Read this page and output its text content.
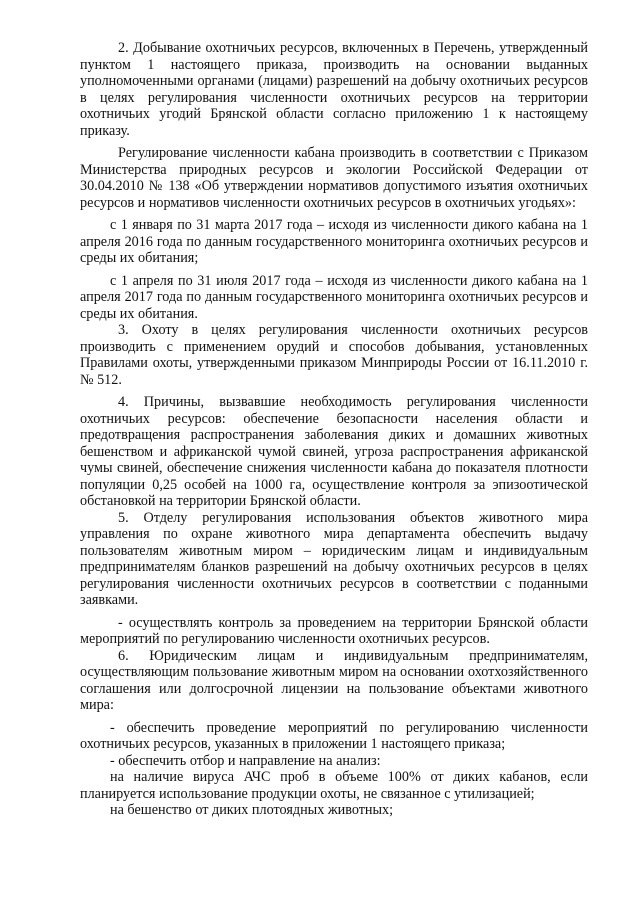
2. Добывание охотничьих ресурсов, включенных в Перечень, утвержденный пунктом 1 настоящего приказа, производить на основании выданных уполномоченными органами (лицами) разрешений на добычу охотничьих ресурсов в целях регулирования численности охотничьих ресурсов на территории охотничьих угодий Брянской области согласно приложению 1 к настоящему приказу.

Регулирование численности кабана производить в соответствии с Приказом Министерства природных ресурсов и экологии Российской Федерации от 30.04.2010 № 138 «Об утверждении нормативов допустимого изъятия охотничьих ресурсов и нормативов численности охотничьих ресурсов в охотничьих угодьях»:

с 1 января по 31 марта 2017 года – исходя из численности дикого кабана на 1 апреля 2016 года по данным государственного мониторинга охотничьих ресурсов и среды их обитания;

с 1 апреля по 31 июля 2017 года – исходя из численности дикого кабана на 1 апреля 2017 года по данным государственного мониторинга охотничьих ресурсов и среды их обитания.

3. Охоту в целях регулирования численности охотничьих ресурсов производить с применением орудий и способов добывания, установленных Правилами охоты, утвержденными приказом Минприроды России от 16.11.2010 г. № 512.

4. Причины, вызвавшие необходимость регулирования численности охотничьих ресурсов: обеспечение безопасности населения области и предотвращения распространения заболевания диких и домашних животных бешенством и африканской чумой свиней, угроза распространения африканской чумы свиней, обеспечение снижения численности кабана до показателя плотности популяции 0,25 особей на 1000 га, осуществление контроля за эпизоотической обстановкой на территории Брянской области.

5. Отделу регулирования использования объектов животного мира управления по охране животного мира департамента обеспечить выдачу пользователям животным миром – юридическим лицам и индивидуальным предпринимателям бланков разрешений на добычу охотничьих ресурсов в целях регулирования численности охотничьих ресурсов в соответствии с поданными заявками.

- осуществлять контроль за проведением на территории Брянской области мероприятий по регулированию численности охотничьих ресурсов.

6. Юридическим лицам и индивидуальным предпринимателям, осуществляющим пользование животным миром на основании охотхозяйственного соглашения или долгосрочной лицензии на пользование объектами животного мира:

- обеспечить проведение мероприятий по регулированию численности охотничьих ресурсов, указанных в приложении 1 настоящего приказа;

- обеспечить отбор и направление на анализ:

на наличие вируса АЧС проб в объеме 100% от диких кабанов, если планируется использование продукции охоты, не связанное с утилизацией;

на бешенство от диких плотоядных животных;
